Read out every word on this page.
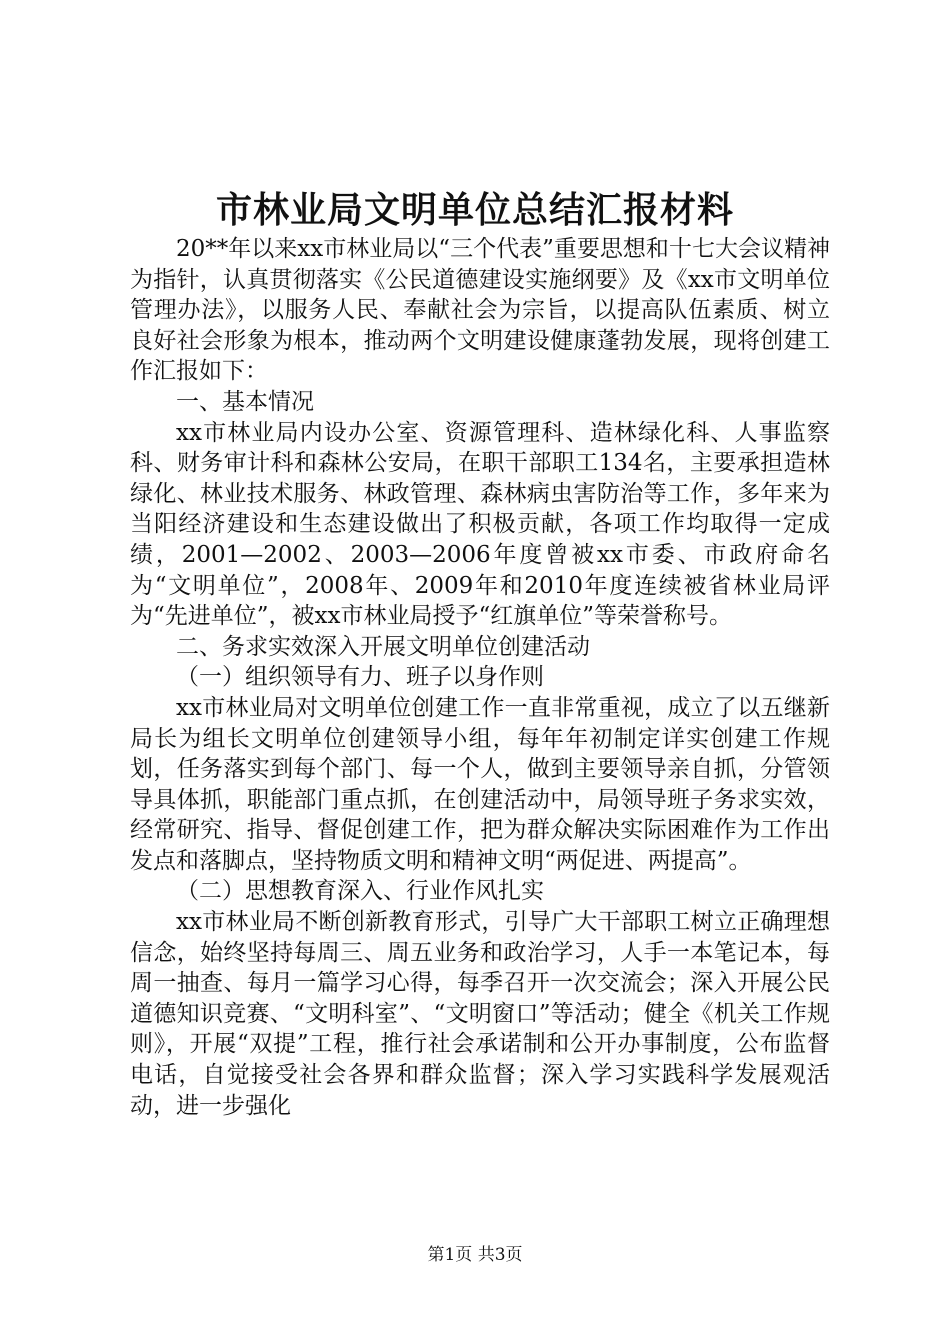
市林业局文明单位总结汇报材料

20**年以来xx市林业局以“三个代表”重要思想和十七大会议精神为指针，认真贯彻落实《公民道德建设实施纲要》及《xx市文明单位管理办法》，以服务人民、奉献社会为宗旨，以提高队伍素质、树立良好社会形象为根本，推动两个文明建设健康蓬勃发展，现将创建工作汇报如下：

一、基本情况

xx市林业局内设办公室、资源管理科、造林绿化科、人事监察科、财务审计科和森林公安局，在职干部职工134名，主要承担造林绿化、林业技术服务、林政管理、森林病虫害防治等工作，多年来为当阳经济建设和生态建设做出了积极贡献，各项工作均取得一定成绩，2001—2002、2003—2006年度曾被xx市委、市政府命名为“文明单位”，2008年、2009年和2010年度连续被省林业局评为“先进单位”，被xx市林业局授予“红旗单位”等荣誉称号。

二、务求实效深入开展文明单位创建活动

（一）组织领导有力、班子以身作则

xx市林业局对文明单位创建工作一直非常重视，成立了以五继新局长为组长文明单位创建领导小组，每年年初制定详实创建工作规划，任务落实到每个部门、每一个人，做到主要领导亲自抓，分管领导具体抓，职能部门重点抓，在创建活动中，局领导班子务求实效，经常研究、指导、督促创建工作，把为群众解决实际困难作为工作出发点和落脚点，坚持物质文明和精神文明“两促进、两提高”。

（二）思想教育深入、行业作风扎实

xx市林业局不断创新教育形式，引导广大干部职工树立正确理想信念，始终坚持每周三、周五业务和政治学习，人手一本笔记本，每周一抽查、每月一篇学习心得，每季召开一次交流会；深入开展公民道德知识竞赛、“文明科室”、“文明窗口”等活动；健全《机关工作规则》，开展“双提”工程，推行社会承诺制和公开办事制度，公布监督电话，自觉接受社会各界和群众监督；深入学习实践科学发展观活动，进一步强化

第1页 共3页
